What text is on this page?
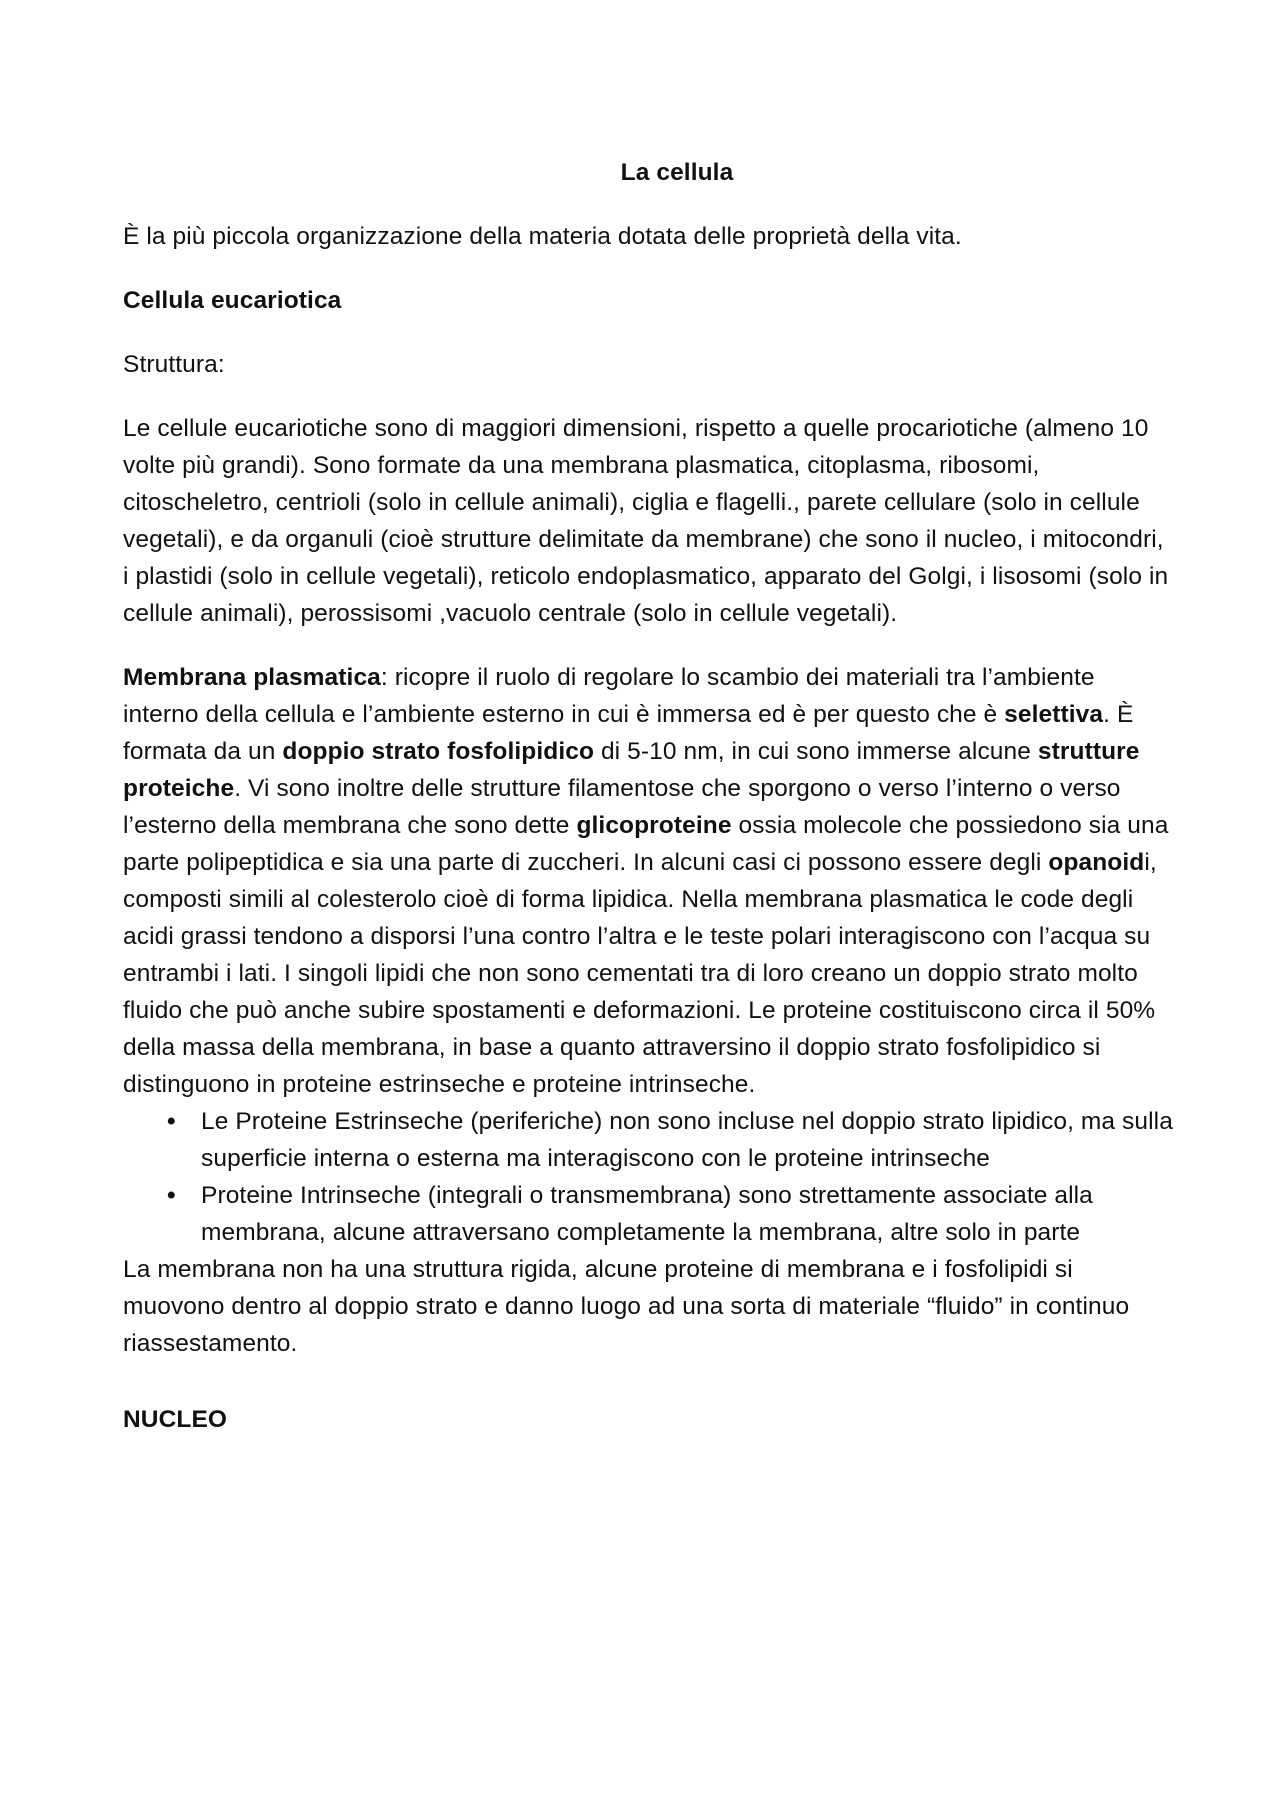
La cellula

È la più piccola organizzazione della materia dotata delle proprietà della vita.

Cellula eucariotica

Struttura:

Le cellule eucariotiche sono di maggiori dimensioni, rispetto a quelle procariotiche (almeno 10 volte più grandi). Sono formate da una membrana plasmatica, citoplasma, ribosomi, citoscheletro, centrioli (solo in cellule animali), ciglia e flagelli., parete cellulare (solo in cellule vegetali), e da organuli (cioè strutture delimitate da membrane) che sono il nucleo, i mitocondri, i plastidi (solo in cellule vegetali), reticolo endoplasmatico, apparato del Golgi, i lisosomi (solo in cellule animali), perossisomi ,vacuolo centrale (solo in cellule vegetali).

Membrana plasmatica: ricopre il ruolo di regolare lo scambio dei materiali tra l’ambiente interno della cellula e l’ambiente esterno in cui è immersa ed è per questo che è selettiva. È formata da un doppio strato fosfolipidico di 5-10 nm, in cui sono immerse alcune strutture proteiche. Vi sono inoltre delle strutture filamentose che sporgono o verso l’interno o verso l’esterno della membrana che sono dette glicoproteine ossia molecole che possiedono sia una parte polipeptidica e sia una parte di zuccheri. In alcuni casi ci possono essere degli opanoidi, composti simili al colesterolo cioè di forma lipidica. Nella membrana plasmatica le code degli acidi grassi tendono a disporsi l’una contro l’altra e le teste polari interagiscono con l’acqua su entrambi i lati. I singoli lipidi che non sono cementati tra di loro creano un doppio strato molto fluido che può anche subire spostamenti e deformazioni. Le proteine costituiscono circa il 50% della massa della membrana, in base a quanto attraversino il doppio strato fosfolipidico si distinguono in proteine estrinseche e proteine intrinseche.

• Le Proteine Estrinseche (periferiche) non sono incluse nel doppio strato lipidico, ma sulla superficie interna o esterna ma interagiscono con le proteine intrinseche
• Proteine Intrinseche (integrali o transmembrana) sono strettamente associate alla membrana, alcune attraversano completamente la membrana, altre solo in parte

La membrana non ha una struttura rigida, alcune proteine di membrana e i fosfolipidi si muovono dentro al doppio strato e danno luogo ad una sorta di materiale “fluido” in continuo riassestamento.

NUCLEO
